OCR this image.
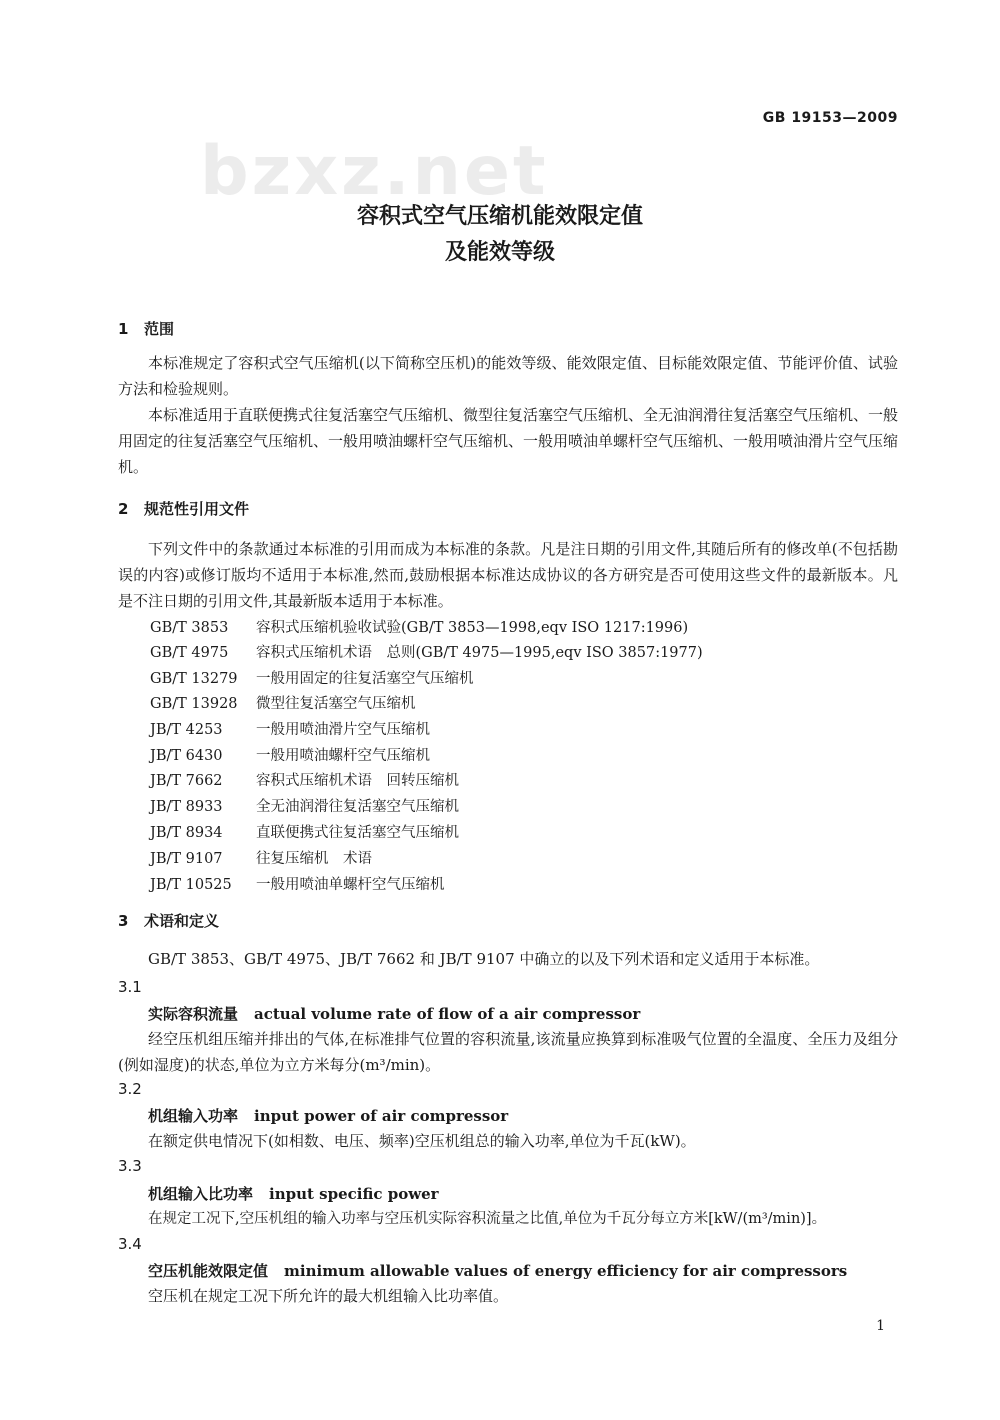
bzxz.net
GB 19153—2009
容积式空气压缩机能效限定值
及能效等级
1 范围
本标准规定了容积式空气压缩机(以下简称空压机)的能效等级、能效限定值、目标能效限定值、节能评价值、试验方法和检验规则。
本标准适用于直联便携式往复活塞空气压缩机、微型往复活塞空气压缩机、全无油润滑往复活塞空气压缩机、一般用固定的往复活塞空气压缩机、一般用喷油螺杆空气压缩机、一般用喷油单螺杆空气压缩机、一般用喷油滑片空气压缩机。
2 规范性引用文件
下列文件中的条款通过本标准的引用而成为本标准的条款。凡是注日期的引用文件,其随后所有的修改单(不包括勘误的内容)或修订版均不适用于本标准,然而,鼓励根据本标准达成协议的各方研究是否可使用这些文件的最新版本。凡是不注日期的引用文件,其最新版本适用于本标准。
GB/T 3853 容积式压缩机验收试验(GB/T 3853—1998,eqv ISO 1217:1996)
GB/T 4975 容积式压缩机术语　总则(GB/T 4975—1995,eqv ISO 3857:1977)
GB/T 13279 一般用固定的往复活塞空气压缩机
GB/T 13928 微型往复活塞空气压缩机
JB/T 4253 一般用喷油滑片空气压缩机
JB/T 6430 一般用喷油螺杆空气压缩机
JB/T 7662 容积式压缩机术语　回转压缩机
JB/T 8933 全无油润滑往复活塞空气压缩机
JB/T 8934 直联便携式往复活塞空气压缩机
JB/T 9107 往复压缩机　术语
JB/T 10525 一般用喷油单螺杆空气压缩机
3 术语和定义
GB/T 3853、GB/T 4975、JB/T 7662 和 JB/T 9107 中确立的以及下列术语和定义适用于本标准。
3.1
实际容积流量 actual volume rate of flow of a air compressor
经空压机组压缩并排出的气体,在标准排气位置的容积流量,该流量应换算到标准吸气位置的全温度、全压力及组分(例如湿度)的状态,单位为立方米每分(m³/min)。
3.2
机组输入功率 input power of air compressor
在额定供电情况下(如相数、电压、频率)空压机组总的输入功率,单位为千瓦(kW)。
3.3
机组输入比功率 input specific power
在规定工况下,空压机组的输入功率与空压机实际容积流量之比值,单位为千瓦分每立方米[kW/(m³/min)]。
3.4
空压机能效限定值 minimum allowable values of energy efficiency for air compressors
空压机在规定工况下所允许的最大机组输入比功率值。
1
